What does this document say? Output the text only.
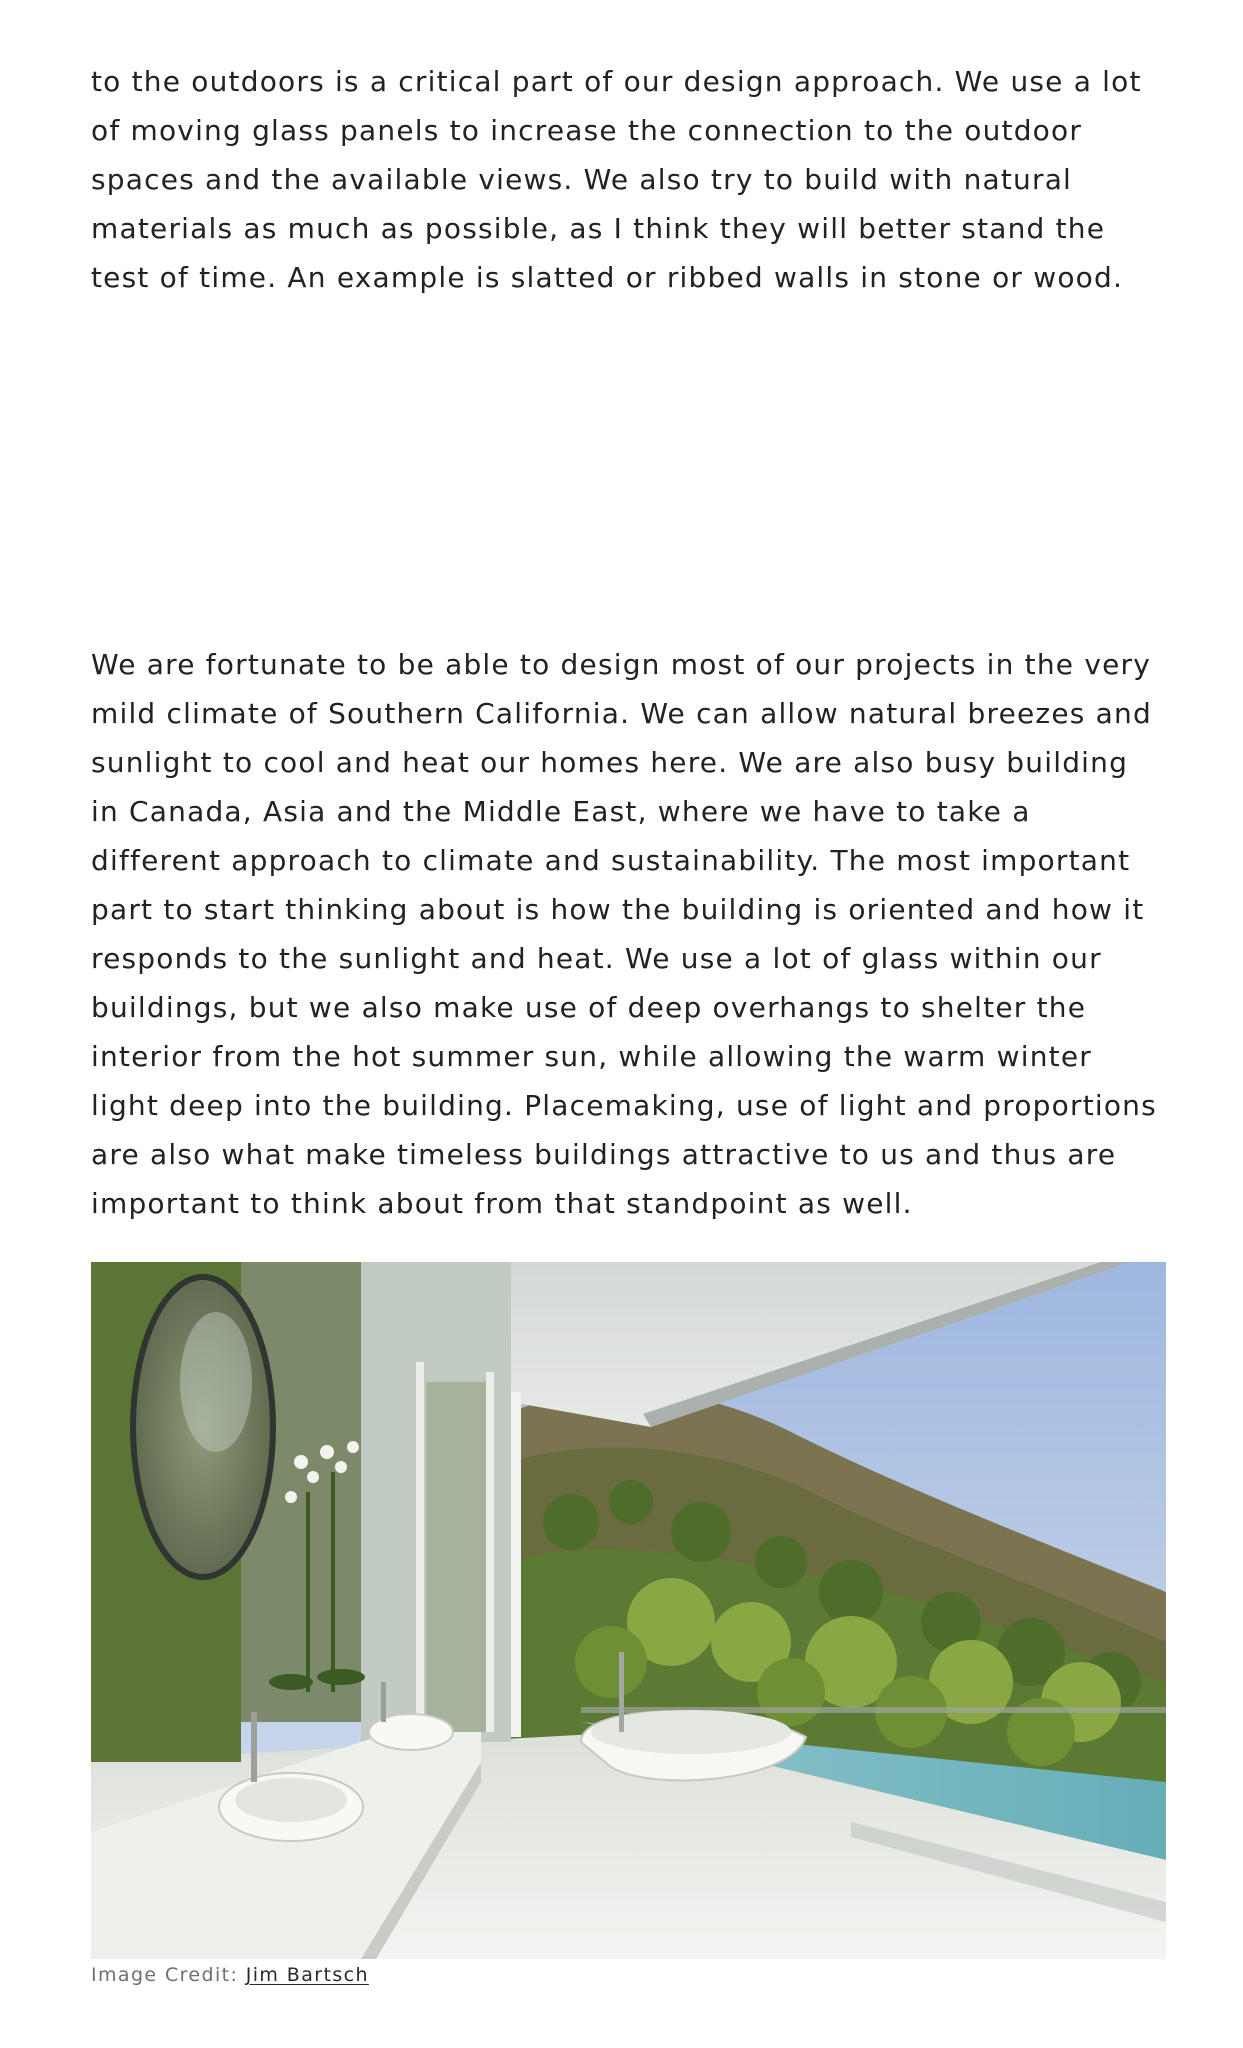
to the outdoors is a critical part of our design approach. We use a lot of moving glass panels to increase the connection to the outdoor spaces and the available views. We also try to build with natural materials as much as possible, as I think they will better stand the test of time. An example is slatted or ribbed walls in stone or wood.

We are fortunate to be able to design most of our projects in the very mild climate of Southern California. We can allow natural breezes and sunlight to cool and heat our homes here. We are also busy building in Canada, Asia and the Middle East, where we have to take a different approach to climate and sustainability. The most important part to start thinking about is how the building is oriented and how it responds to the sunlight and heat. We use a lot of glass within our buildings, but we also make use of deep overhangs to shelter the interior from the hot summer sun, while allowing the warm winter light deep into the building. Placemaking, use of light and proportions are also what make timeless buildings attractive to us and thus are important to think about from that standpoint as well.

Image Credit: Jim Bartsch
